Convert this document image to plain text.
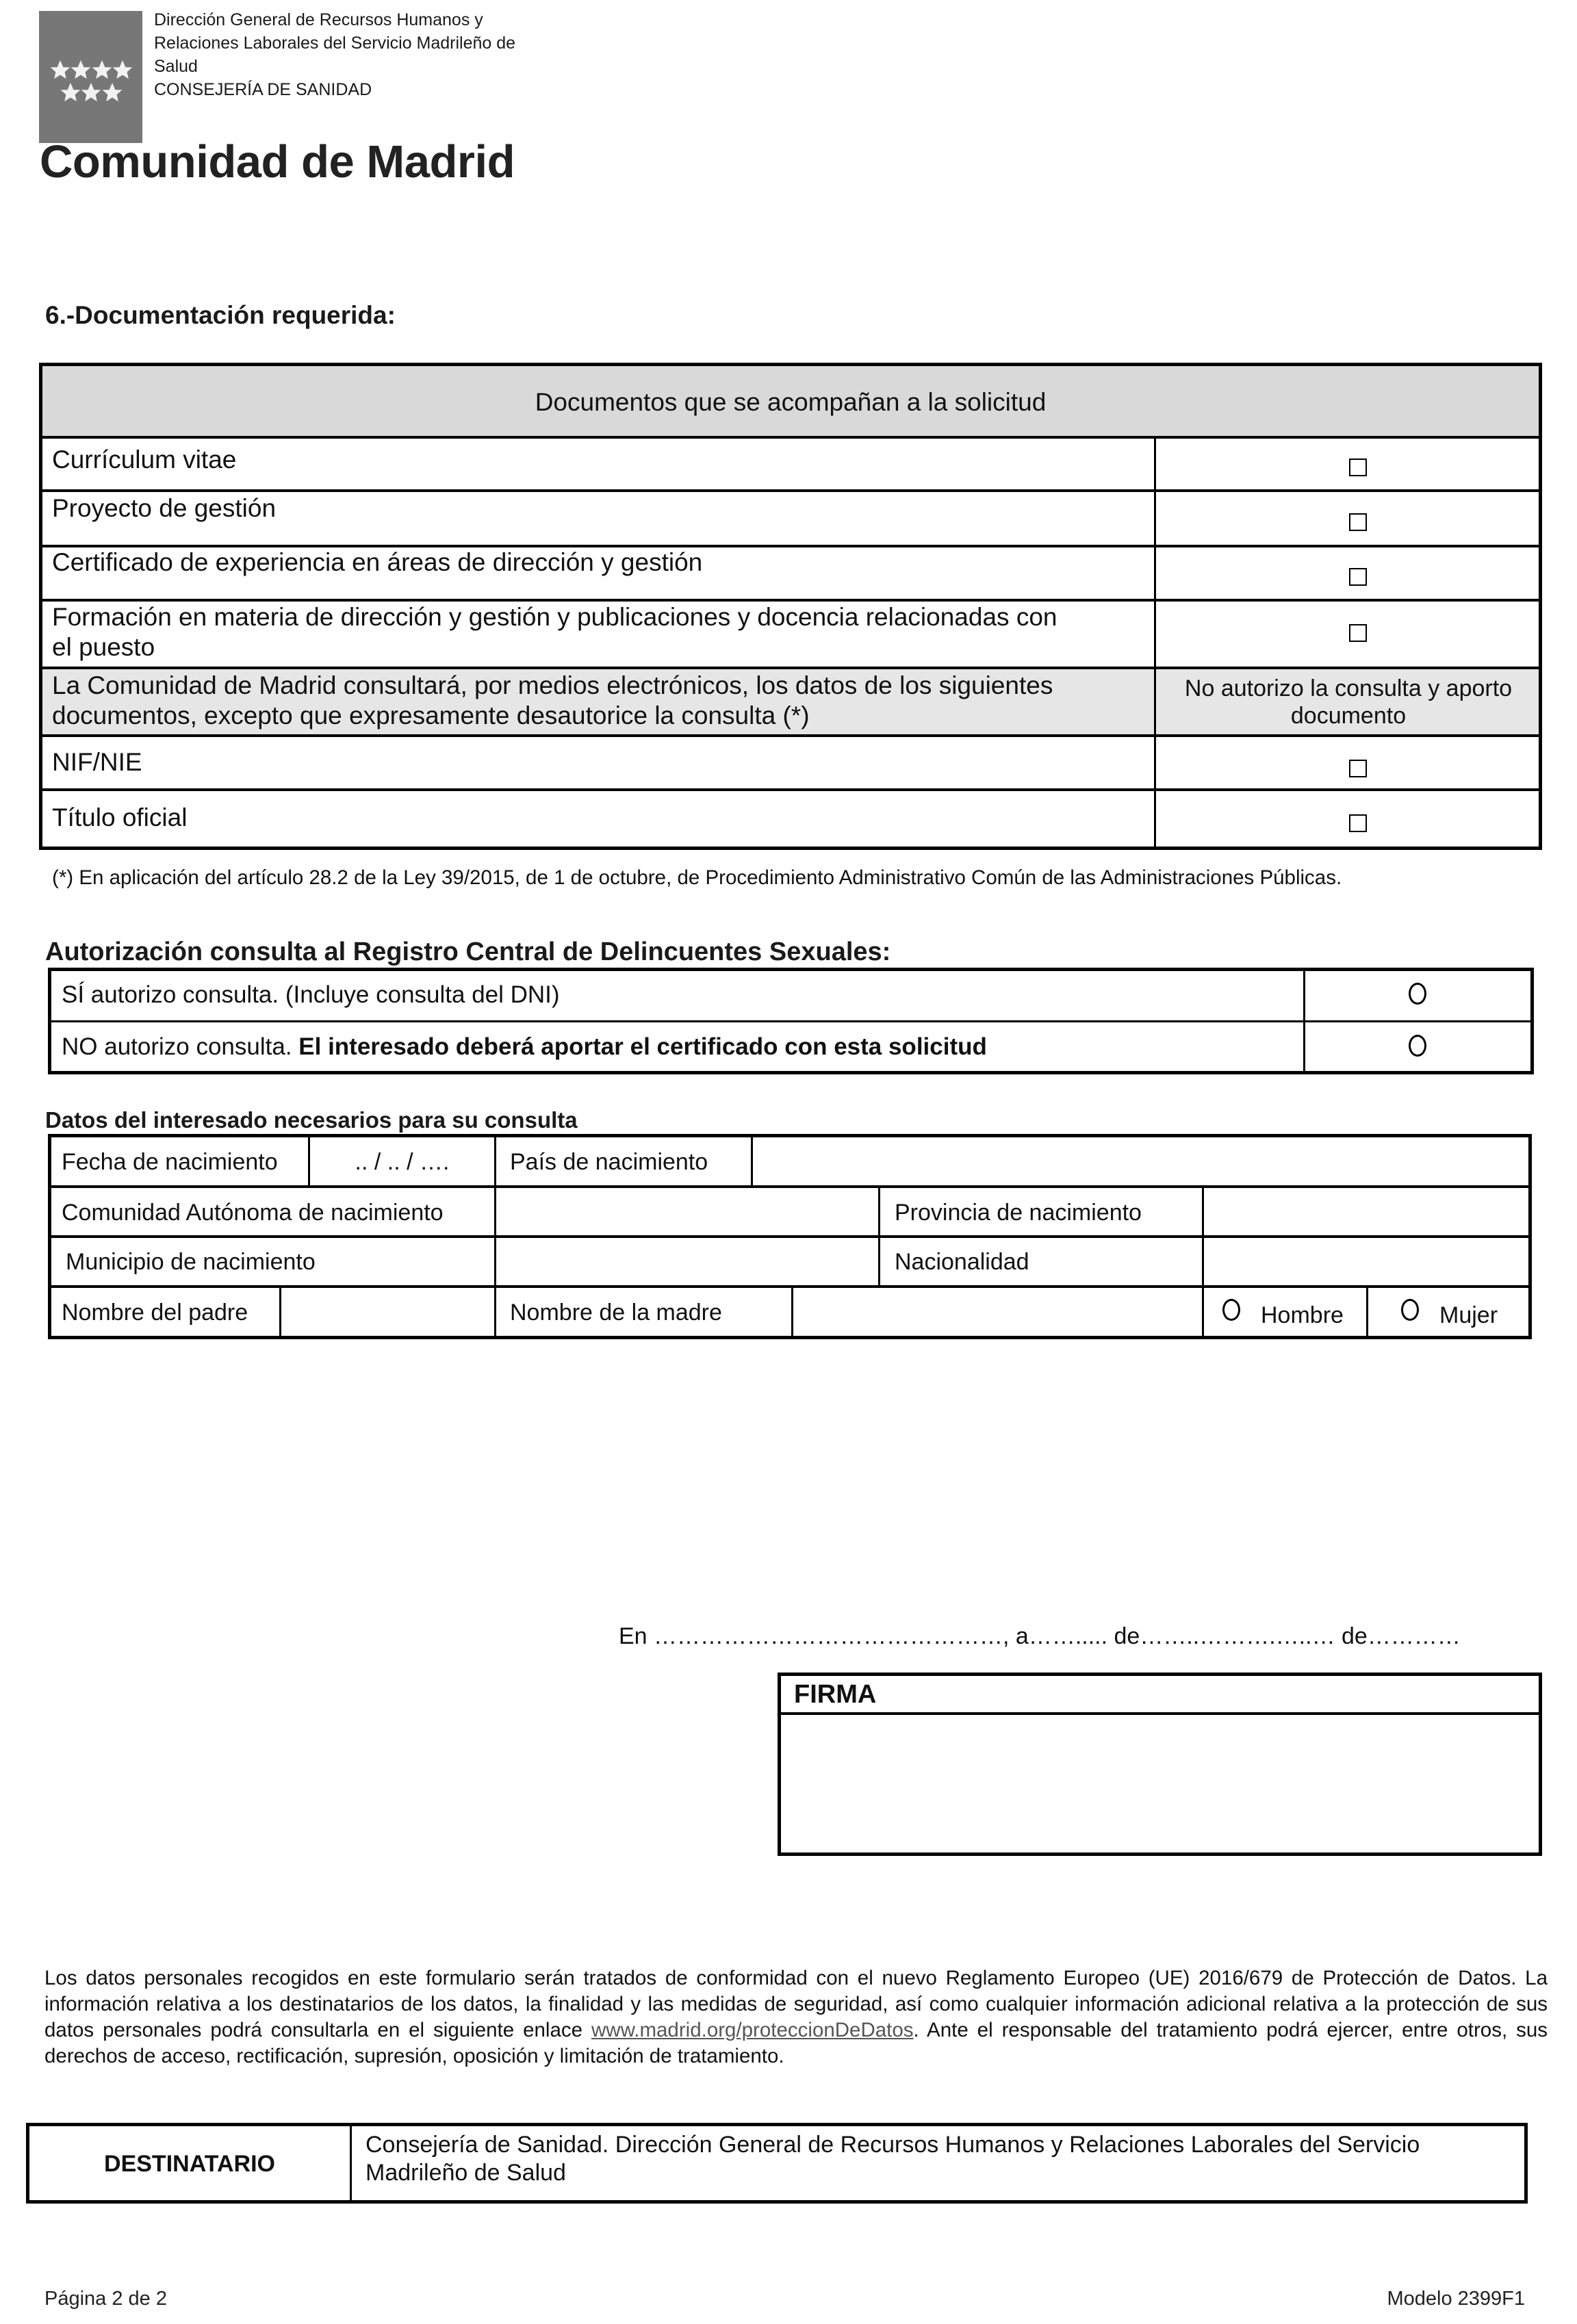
Dirección General de Recursos Humanos y
Relaciones Laborales del Servicio Madrileño de
Salud
CONSEJERÍA DE SANIDAD
Comunidad de Madrid
6.-Documentación requerida:
Documentos que se acompañan a la solicitud
Currículum vitae
Proyecto de gestión
Certificado de experiencia en áreas de dirección y gestión
Formación en materia de dirección y gestión y publicaciones y docencia relacionadas con el puesto
La Comunidad de Madrid consultará, por medios electrónicos, los datos de los siguientes documentos, excepto que expresamente desautorice la consulta (*)
No autorizo la consulta y aporto documento
NIF/NIE
Título oficial
(*) En aplicación del artículo 28.2 de la Ley 39/2015, de 1 de octubre, de Procedimiento Administrativo Común de las Administraciones Públicas.
Autorización consulta al Registro Central de Delincuentes Sexuales:
SÍ autorizo consulta. (Incluye consulta del DNI)
NO autorizo consulta. El interesado deberá aportar el certificado con esta solicitud
Datos del interesado necesarios para su consulta
Fecha de nacimiento	.. / .. / ….	País de nacimiento
Comunidad Autónoma de nacimiento	Provincia de nacimiento
Municipio de nacimiento	Nacionalidad
Nombre del padre	Nombre de la madre	Hombre	Mujer
En ………………………………………, a……..... de……..……….…..… de…………
FIRMA
Los datos personales recogidos en este formulario serán tratados de conformidad con el nuevo Reglamento Europeo (UE) 2016/679 de Protección de Datos. La información relativa a los destinatarios de los datos, la finalidad y las medidas de seguridad, así como cualquier información adicional relativa a la protección de sus datos personales podrá consultarla en el siguiente enlace www.madrid.org/proteccionDeDatos. Ante el responsable del tratamiento podrá ejercer, entre otros, sus derechos de acceso, rectificación, supresión, oposición y limitación de tratamiento.
DESTINATARIO
Consejería de Sanidad. Dirección General de Recursos Humanos y Relaciones Laborales del Servicio Madrileño de Salud
Página 2 de 2	Modelo 2399F1
